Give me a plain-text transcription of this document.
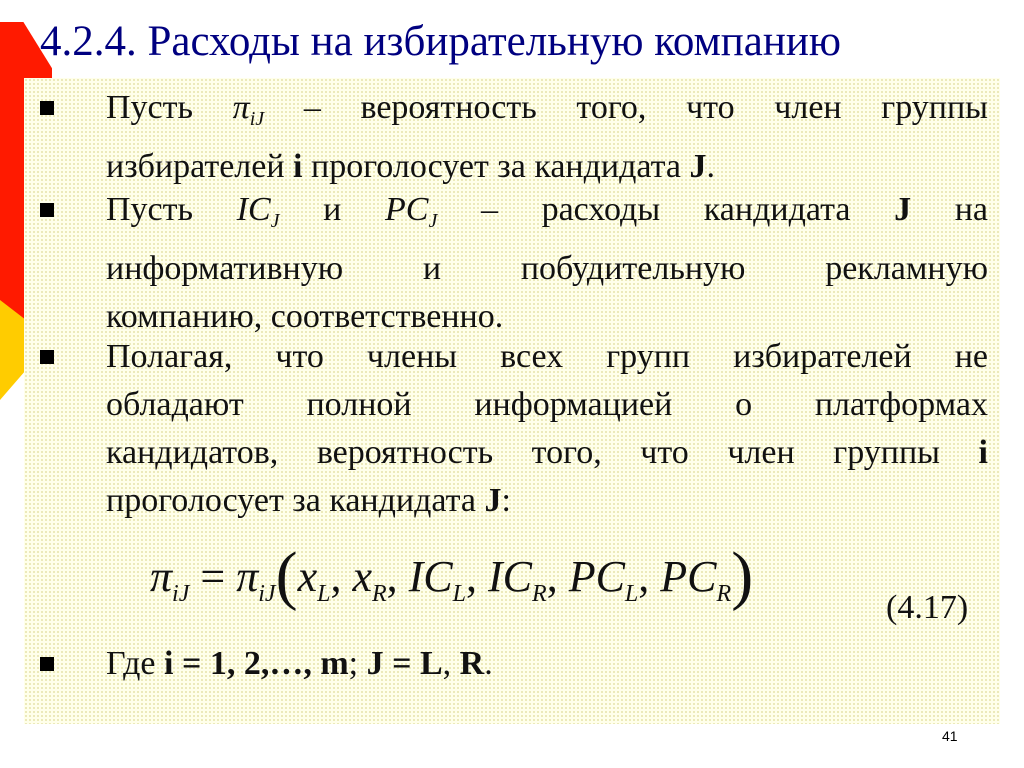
4.2.4. Расходы на избирательную компанию
Пусть $\pi_{iJ}$ – вероятность того, что член группы
избирателей i проголосует за кандидата J.
Пусть $IC_J$ и $PC_J$ – расходы кандидата J на
информативную и побудительную рекламную
компанию, соответственно.
Полагая, что члены всех групп избирателей не
обладают полной информацией о платформах
кандидатов, вероятность того, что член группы i
проголосует за кандидата J:
$\pi_{iJ} = \pi_{iJ}(x_L$, $x_R$, $IC_L$, $IC_R$, $PC_L$, $PC_R$)	(4.17)
Где i = 1, 2,…, m; J = L, R.
41
